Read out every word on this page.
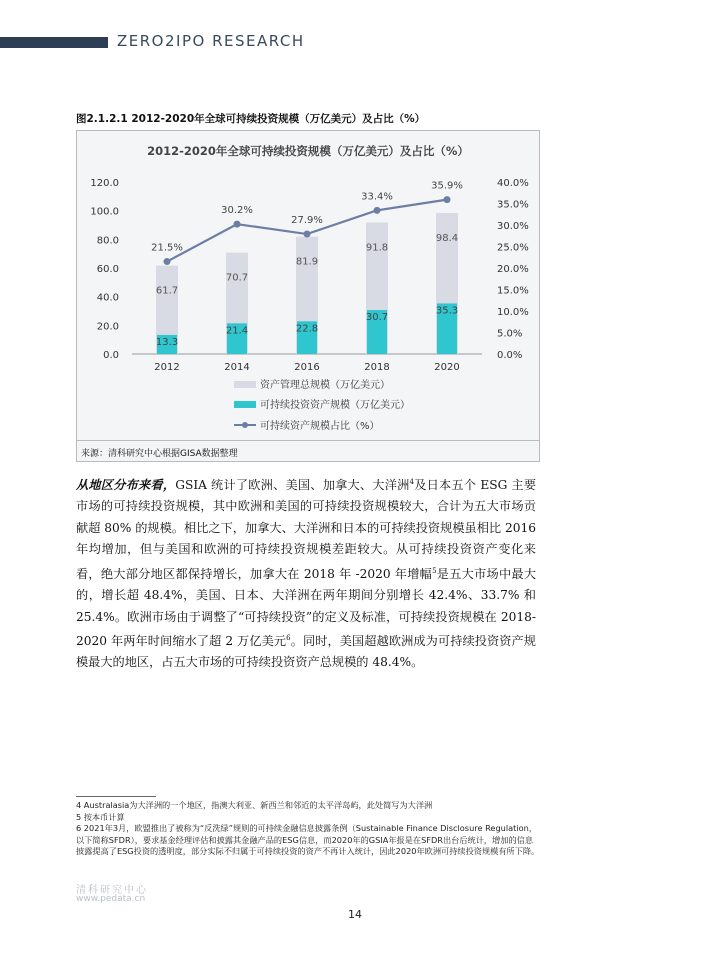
ZERO2IPO RESEARCH
图2.1.2.1 2012-2020年全球可持续投资规模（万亿美元）及占比（%）
2012-2020年全球可持续投资规模（万亿美元）及占比（%）
120.0
100.0
80.0
60.0
40.0
20.0
0.0
40.0%
35.0%
30.0%
25.0%
20.0%
15.0%
10.0%
5.0%
0.0%
61.7
70.7
81.9
91.8
98.4
13.3
21.4	22.8
30.7
35.3
21.5%
30.2%
27.9%
33.4%
35.9%
2012	2014	2016	2018	2020
资产管理总规模（万亿美元）
可持续投资资产规模（万亿美元）
可持续资产规模占比（%）
来源：清科研究中心根据GISA数据整理

从地区分布来看，GSIA 统计了欧洲、美国、加拿大、大洋洲$^4$及日本五个 ESG 主要市场的可持续投资规模，其中欧洲和美国的可持续投资规模较大，合计为五大市场贡献超 80% 的规模。相比之下，加拿大、大洋洲和日本的可持续投资规模虽相比 2016 年均增加，但与美国和欧洲的可持续投资规模差距较大。从可持续投资资产变化来看，绝大部分地区都保持增长，加拿大在 2018 年 -2020 年增幅$^5$是五大市场中最大的，增长超 48.4%，美国、日本、大洋洲在两年期间分别增长 42.4%、33.7% 和 25.4%。欧洲市场由于调整了“可持续投资”的定义及标准，可持续投资规模在 2018-2020 年两年时间缩水了超 2 万亿美元$^6$。同时，美国超越欧洲成为可持续投资资产规模最大的地区，占五大市场的可持续投资资产总规模的 48.4%。

4 Australasia为大洋洲的一个地区，指澳大利亚、新西兰和邻近的太平洋岛屿，此处简写为大洋洲
5 按本币计算
6 2021年3月，欧盟推出了被称为“反洗绿”规则的可持续金融信息披露条例（Sustainable Finance Disclosure Regulation，以下简称SFDR），要求基金经理评估和披露其金融产品的ESG信息，而2020年的GSIA年报是在SFDR出台后统计，增加的信息披露提高了ESG投资的透明度，部分实际不归属于可持续投资的资产不再计入统计，因此2020年欧洲可持续投资规模有所下降。
清科研究中心
www.pedata.cn
14
